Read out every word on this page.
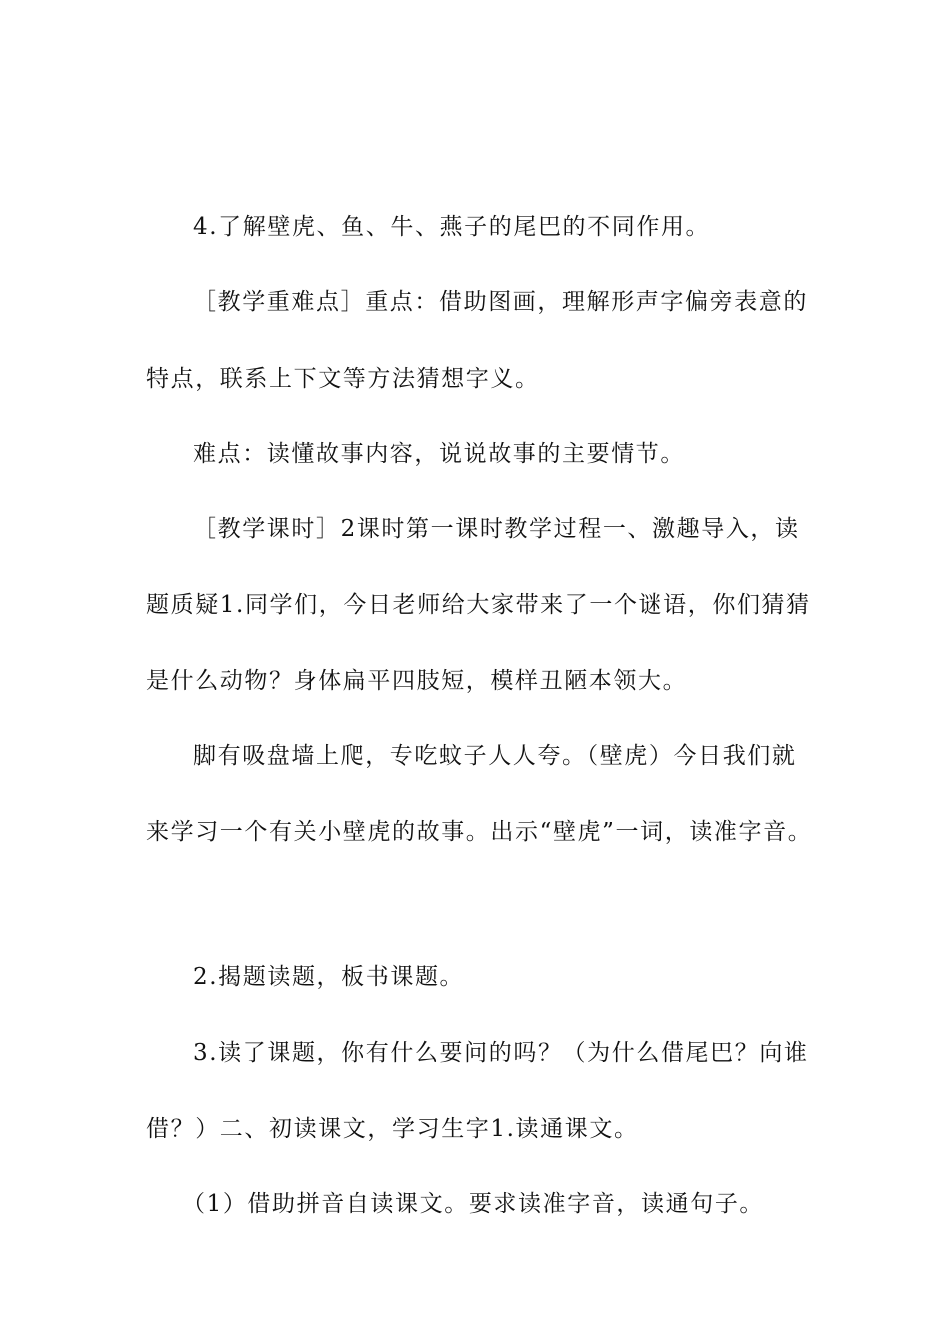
4.了解壁虎、鱼、牛、燕子的尾巴的不同作用。
［教学重难点］重点：借助图画，理解形声字偏旁表意的
特点，联系上下文等方法猜想字义。
难点：读懂故事内容，说说故事的主要情节。
［教学课时］2课时第一课时教学过程一、激趣导入，读
题质疑1.同学们，今日老师给大家带来了一个谜语，你们猜猜
是什么动物？身体扁平四肢短，模样丑陋本领大。
脚有吸盘墙上爬，专吃蚊子人人夸。（壁虎）今日我们就
来学习一个有关小壁虎的故事。出示“壁虎”一词，读准字音。
2.揭题读题，板书课题。
3.读了课题，你有什么要问的吗？（为什么借尾巴？向谁
借？）二、初读课文，学习生字1.读通课文。
（1）借助拼音自读课文。要求读准字音，读通句子。
